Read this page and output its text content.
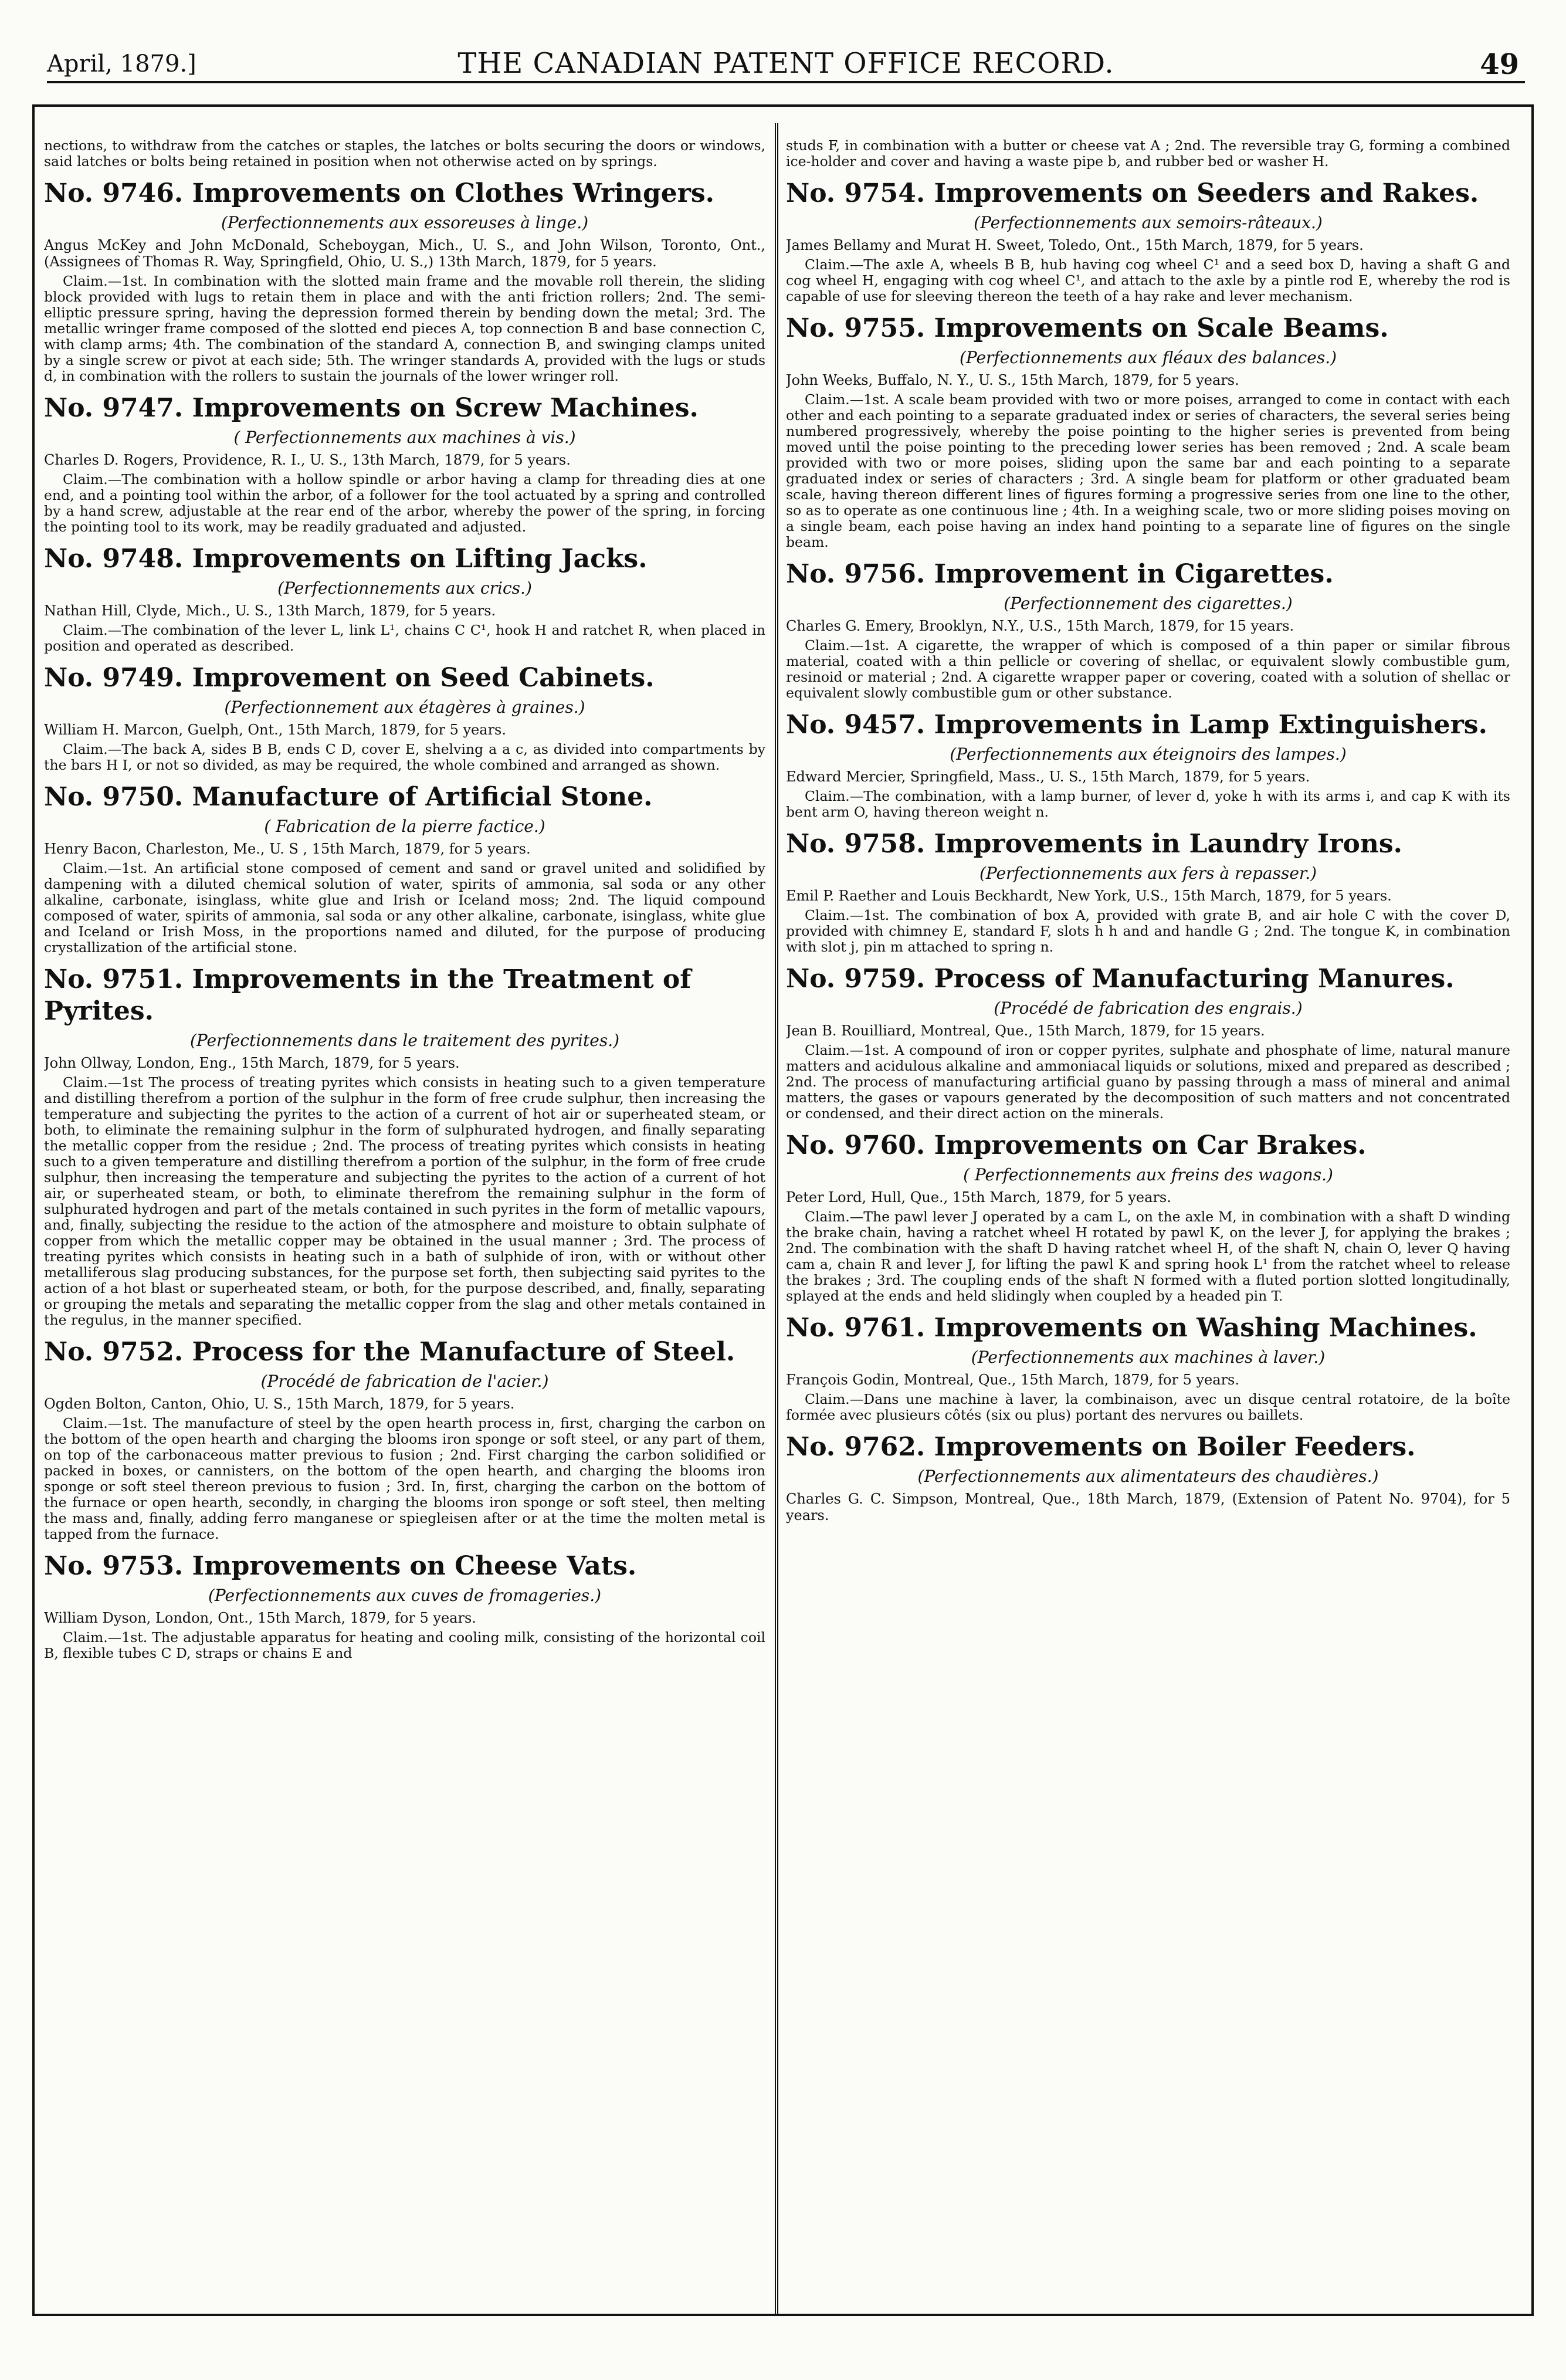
April, 1879.]	THE CANADIAN PATENT OFFICE RECORD.	49

nections, to withdraw from the catches or staples, the latches or bolts securing the doors or windows, said latches or bolts being retained in position when not otherwise acted on by springs.

No. 9746. Improvements on Clothes Wringers.
(Perfectionnements aux essoreuses à linge.)

Angus McKey and John McDonald, Scheboygan, Mich., U. S., and John Wilson, Toronto, Ont., (Assignees of Thomas R. Way, Springfield, Ohio, U. S.,) 13th March, 1879, for 5 years.

Claim.—1st. In combination with the slotted main frame and the movable roll therein, the sliding block provided with lugs to retain them in place and with the anti friction rollers; 2nd. The semi-elliptic pressure spring, having the depression formed therein by bending down the metal; 3rd. The metallic wringer frame composed of the slotted end pieces A, top connection B and base connection C, with clamp arms; 4th. The combination of the standard A, connection B, and swinging clamps united by a single screw or pivot at each side; 5th. The wringer standards A, provided with the lugs or studs d, in combination with the rollers to sustain the journals of the lower wringer roll.

No. 9747. Improvements on Screw Machines.
( Perfectionnements aux machines à vis.)

Charles D. Rogers, Providence, R. I., U. S., 13th March, 1879, for 5 years.

Claim.—The combination with a hollow spindle or arbor having a clamp for threading dies at one end, and a pointing tool within the arbor, of a follower for the tool actuated by a spring and controlled by a hand screw, adjustable at the rear end of the arbor, whereby the power of the spring, in forcing the pointing tool to its work, may be readily graduated and adjusted.

No. 9748. Improvements on Lifting Jacks.
(Perfectionnements aux crics.)

Nathan Hill, Clyde, Mich., U. S., 13th March, 1879, for 5 years.

Claim.—The combination of the lever L, link L¹, chains C C¹, hook H and ratchet R, when placed in position and operated as described.

No. 9749. Improvement on Seed Cabinets.
(Perfectionnement aux étagères à graines.)

William H. Marcon, Guelph, Ont., 15th March, 1879, for 5 years.

Claim.—The back A, sides B B, ends C D, cover E, shelving a a c, as divided into compartments by the bars H I, or not so divided, as may be required, the whole combined and arranged as shown.

No. 9750. Manufacture of Artificial Stone.
( Fabrication de la pierre factice.)

Henry Bacon, Charleston, Me., U. S , 15th March, 1879, for 5 years.

Claim.—1st. An artificial stone composed of cement and sand or gravel united and solidified by dampening with a diluted chemical solution of water, spirits of ammonia, sal soda or any other alkaline, carbonate, isinglass, white glue and Irish or Iceland moss; 2nd. The liquid compound composed of water, spirits of ammonia, sal soda or any other alkaline, carbonate, isinglass, white glue and Iceland or Irish Moss, in the proportions named and diluted, for the purpose of producing crystallization of the artificial stone.

No. 9751. Improvements in the Treatment of Pyrites.
(Perfectionnements dans le traitement des pyrites.)

John Ollway, London, Eng., 15th March, 1879, for 5 years.

Claim.—1st The process of treating pyrites which consists in heating such to a given temperature and distilling therefrom a portion of the sulphur in the form of free crude sulphur, then increasing the temperature and subjecting the pyrites to the action of a current of hot air or superheated steam, or both, to eliminate the remaining sulphur in the form of sulphurated hydrogen, and finally separating the metallic copper from the residue ; 2nd. The process of treating pyrites which consists in heating such to a given temperature and distilling therefrom a portion of the sulphur, in the form of free crude sulphur, then increasing the temperature and subjecting the pyrites to the action of a current of hot air, or superheated steam, or both, to eliminate therefrom the remaining sulphur in the form of sulphurated hydrogen and part of the metals contained in such pyrites in the form of metallic vapours, and, finally, subjecting the residue to the action of the atmosphere and moisture to obtain sulphate of copper from which the metallic copper may be obtained in the usual manner ; 3rd. The process of treating pyrites which consists in heating such in a bath of sulphide of iron, with or without other metalliferous slag producing substances, for the purpose set forth, then subjecting said pyrites to the action of a hot blast or superheated steam, or both, for the purpose described, and, finally, separating or grouping the metals and separating the metallic copper from the slag and other metals contained in the regulus, in the manner specified.

No. 9752. Process for the Manufacture of Steel.
(Procédé de fabrication de l'acier.)

Ogden Bolton, Canton, Ohio, U. S., 15th March, 1879, for 5 years.

Claim.—1st. The manufacture of steel by the open hearth process in, first, charging the carbon on the bottom of the open hearth and charging the blooms iron sponge or soft steel, or any part of them, on top of the carbonaceous matter previous to fusion ; 2nd. First charging the carbon solidified or packed in boxes, or cannisters, on the bottom of the open hearth, and charging the blooms iron sponge or soft steel thereon previous to fusion ; 3rd. In, first, charging the carbon on the bottom of the furnace or open hearth, secondly, in charging the blooms iron sponge or soft steel, then melting the mass and, finally, adding ferro manganese or spiegleisen after or at the time the molten metal is tapped from the furnace.

No. 9753. Improvements on Cheese Vats.
(Perfectionnements aux cuves de fromageries.)

William Dyson, London, Ont., 15th March, 1879, for 5 years.

Claim.—1st. The adjustable apparatus for heating and cooling milk, consisting of the horizontal coil B, flexible tubes C D, straps or chains E and

studs F, in combination with a butter or cheese vat A ; 2nd. The reversible tray G, forming a combined ice-holder and cover and having a waste pipe b, and rubber bed or washer H.

No. 9754. Improvements on Seeders and Rakes.
(Perfectionnements aux semoirs-râteaux.)

James Bellamy and Murat H. Sweet, Toledo, Ont., 15th March, 1879, for 5 years.

Claim.—The axle A, wheels B B, hub having cog wheel C¹ and a seed box D, having a shaft G and cog wheel H, engaging with cog wheel C¹, and attach to the axle by a pintle rod E, whereby the rod is capable of use for sleeving thereon the teeth of a hay rake and lever mechanism.

No. 9755. Improvements on Scale Beams.
(Perfectionnements aux fléaux des balances.)

John Weeks, Buffalo, N. Y., U. S., 15th March, 1879, for 5 years.

Claim.—1st. A scale beam provided with two or more poises, arranged to come in contact with each other and each pointing to a separate graduated index or series of characters, the several series being numbered progressively, whereby the poise pointing to the higher series is prevented from being moved until the poise pointing to the preceding lower series has been removed ; 2nd. A scale beam provided with two or more poises, sliding upon the same bar and each pointing to a separate graduated index or series of characters ; 3rd. A single beam for platform or other graduated beam scale, having thereon different lines of figures forming a progressive series from one line to the other, so as to operate as one continuous line ; 4th. In a weighing scale, two or more sliding poises moving on a single beam, each poise having an index hand pointing to a separate line of figures on the single beam.

No. 9756. Improvement in Cigarettes.
(Perfectionnement des cigarettes.)

Charles G. Emery, Brooklyn, N.Y., U.S., 15th March, 1879, for 15 years.

Claim.—1st. A cigarette, the wrapper of which is composed of a thin paper or similar fibrous material, coated with a thin pellicle or covering of shellac, or equivalent slowly combustible gum, resinoid or material ; 2nd. A cigarette wrapper paper or covering, coated with a solution of shellac or equivalent slowly combustible gum or other substance.

No. 9457. Improvements in Lamp Extinguishers.
(Perfectionnements aux éteignoirs des lampes.)

Edward Mercier, Springfield, Mass., U. S., 15th March, 1879, for 5 years.

Claim.—The combination, with a lamp burner, of lever d, yoke h with its arms i, and cap K with its bent arm O, having thereon weight n.

No. 9758. Improvements in Laundry Irons.
(Perfectionnements aux fers à repasser.)

Emil P. Raether and Louis Beckhardt, New York, U.S., 15th March, 1879, for 5 years.

Claim.—1st. The combination of box A, provided with grate B, and air hole C with the cover D, provided with chimney E, standard F, slots h h and and handle G ; 2nd. The tongue K, in combination with slot j, pin m attached to spring n.

No. 9759. Process of Manufacturing Manures.
(Procédé de fabrication des engrais.)

Jean B. Rouilliard, Montreal, Que., 15th March, 1879, for 15 years.

Claim.—1st. A compound of iron or copper pyrites, sulphate and phosphate of lime, natural manure matters and acidulous alkaline and ammoniacal liquids or solutions, mixed and prepared as described ; 2nd. The process of manufacturing artificial guano by passing through a mass of mineral and animal matters, the gases or vapours generated by the decomposition of such matters and not concentrated or condensed, and their direct action on the minerals.

No. 9760. Improvements on Car Brakes.
( Perfectionnements aux freins des wagons.)

Peter Lord, Hull, Que., 15th March, 1879, for 5 years.

Claim.—The pawl lever J operated by a cam L, on the axle M, in combination with a shaft D winding the brake chain, having a ratchet wheel H rotated by pawl K, on the lever J, for applying the brakes ; 2nd. The combination with the shaft D having ratchet wheel H, of the shaft N, chain O, lever Q having cam a, chain R and lever J, for lifting the pawl K and spring hook L¹ from the ratchet wheel to release the brakes ; 3rd. The coupling ends of the shaft N formed with a fluted portion slotted longitudinally, splayed at the ends and held slidingly when coupled by a headed pin T.

No. 9761. Improvements on Washing Machines.
(Perfectionnements aux machines à laver.)

François Godin, Montreal, Que., 15th March, 1879, for 5 years.

Claim.—Dans une machine à laver, la combinaison, avec un disque central rotatoire, de la boîte formée avec plusieurs côtés (six ou plus) portant des nervures ou baillets.

No. 9762. Improvements on Boiler Feeders.
(Perfectionnements aux alimentateurs des chaudières.)

Charles G. C. Simpson, Montreal, Que., 18th March, 1879, (Extension of Patent No. 9704), for 5 years.
